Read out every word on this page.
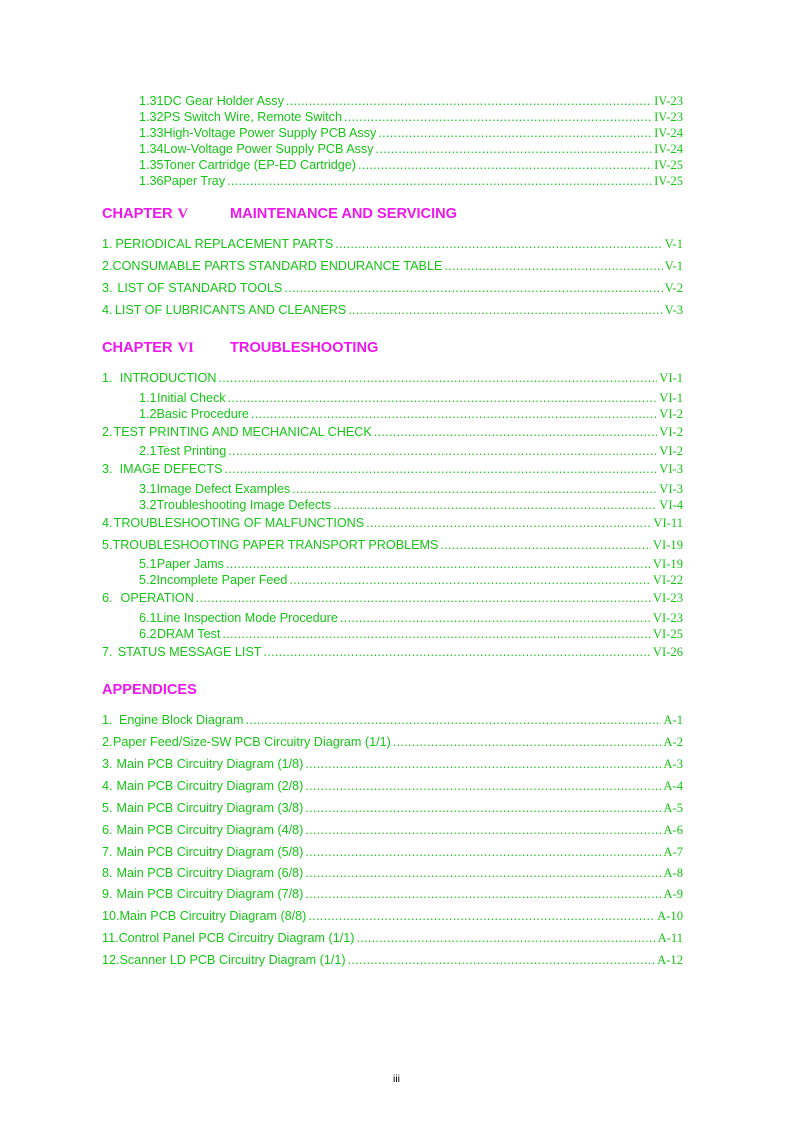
1.31 DC Gear Holder Assy .....	IV-23
1.32 PS Switch Wire, Remote Switch .....	IV-23
1.33 High-Voltage Power Supply PCB Assy .....	IV-24
1.34 Low-Voltage Power Supply PCB Assy .....	IV-24
1.35 Toner Cartridge (EP-ED Cartridge) .....	IV-25
1.36 Paper Tray .....	IV-25
CHAPTER V	MAINTENANCE AND SERVICING
1. PERIODICAL REPLACEMENT PARTS .....	V-1
2. CONSUMABLE PARTS STANDARD ENDURANCE TABLE .....	V-1
3. LIST OF STANDARD TOOLS .....	V-2
4. LIST OF LUBRICANTS AND CLEANERS .....	V-3
CHAPTER VI TROUBLESHOOTING
1. INTRODUCTION .....	VI-1
1.1 Initial Check .....	VI-1
1.2 Basic Procedure .....	VI-2
2. TEST PRINTING AND MECHANICAL CHECK .....	VI-2
2.1 Test Printing .....	VI-2
3. IMAGE DEFECTS .....	VI-3
3.1 Image Defect Examples .....	VI-3
3.2 Troubleshooting Image Defects .....	VI-4
4. TROUBLESHOOTING OF MALFUNCTIONS .....	VI-11
5. TROUBLESHOOTING PAPER TRANSPORT PROBLEMS .....	VI-19
5.1 Paper Jams .....	VI-19
5.2 Incomplete Paper Feed .....	VI-22
6. OPERATION .....	VI-23
6.1 Line Inspection Mode Procedure .....	VI-23
6.2 DRAM Test .....	VI-25
7. STATUS MESSAGE LIST .....	VI-26
APPENDICES
1. Engine Block Diagram .....	A-1
2. Paper Feed/Size-SW PCB Circuitry Diagram (1/1) .....	A-2
3. Main PCB Circuitry Diagram (1/8) .....	A-3
4. Main PCB Circuitry Diagram (2/8) .....	A-4
5. Main PCB Circuitry Diagram (3/8) .....	A-5
6. Main PCB Circuitry Diagram (4/8) .....	A-6
7. Main PCB Circuitry Diagram (5/8) .....	A-7
8. Main PCB Circuitry Diagram (6/8) .....	A-8
9. Main PCB Circuitry Diagram (7/8) .....	A-9
10. Main PCB Circuitry Diagram (8/8) .....	A-10
11. Control Panel PCB Circuitry Diagram (1/1) .....	A-11
12. Scanner LD PCB Circuitry Diagram (1/1) .....	A-12
iii
